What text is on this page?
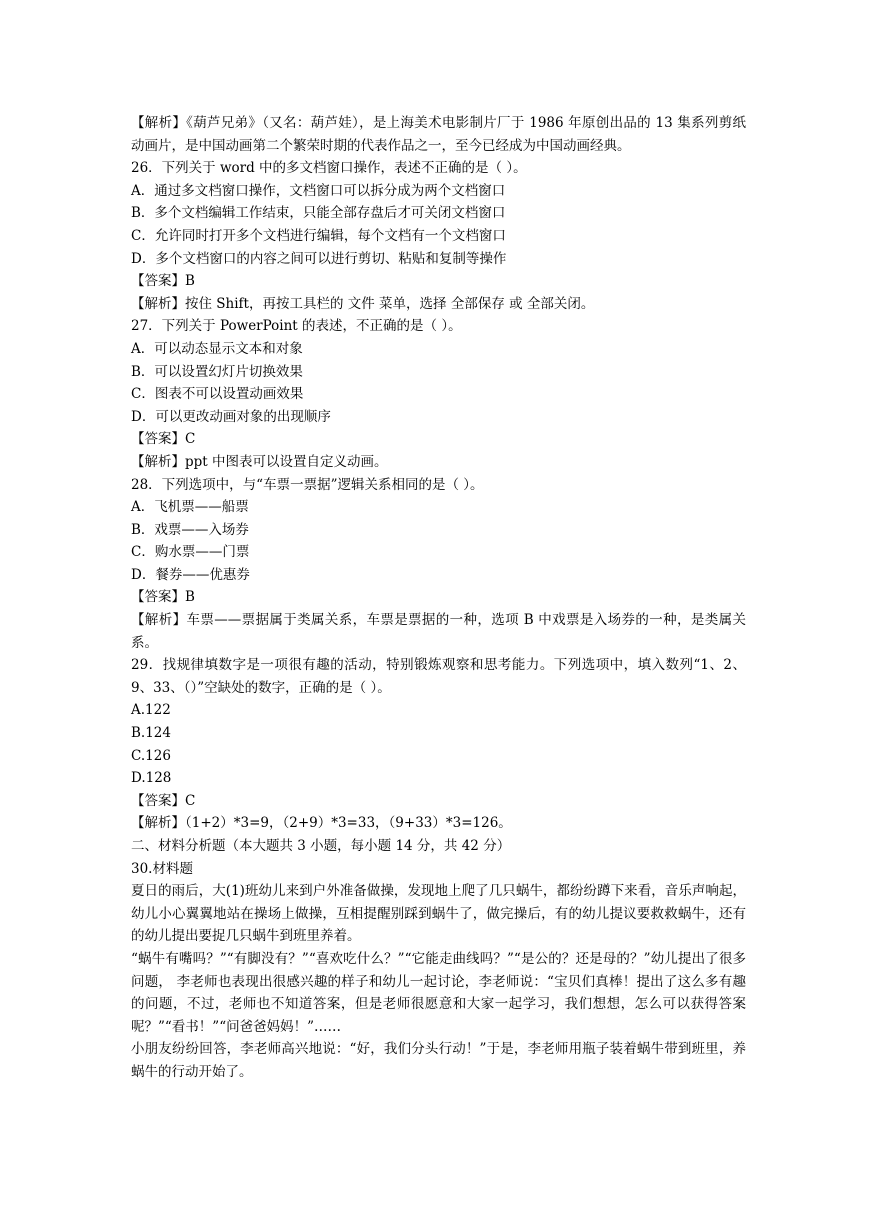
【解析】《葫芦兄弟》（又名：葫芦娃），是上海美术电影制片厂于 1986 年原创出品的 13 集系列剪纸动画片，是中国动画第二个繁荣时期的代表作品之一，至今已经成为中国动画经典。
26．下列关于 word 中的多文档窗口操作，表述不正确的是（ ）。
A．通过多文档窗口操作，文档窗口可以拆分成为两个文档窗口
B．多个文档编辑工作结束，只能全部存盘后才可关闭文档窗口
C．允许同时打开多个文档进行编辑，每个文档有一个文档窗口
D．多个文档窗口的内容之间可以进行剪切、粘贴和复制等操作
【答案】B
【解析】按住 Shift，再按工具栏的 文件 菜单，选择 全部保存 或 全部关闭。
27．下列关于 PowerPoint 的表述，不正确的是（ ）。
A．可以动态显示文本和对象
B．可以设置幻灯片切换效果
C．图表不可以设置动画效果
D．可以更改动画对象的出现顺序
【答案】C
【解析】ppt 中图表可以设置自定义动画。
28．下列选项中，与“车票一票据”逻辑关系相同的是（ ）。
A．飞机票——船票
B．戏票——入场券
C．购水票——门票
D．餐券——优惠券
【答案】B
【解析】车票——票据属于类属关系，车票是票据的一种，选项 B 中戏票是入场券的一种，是类属关系。
29．找规律填数字是一项很有趣的活动，特别锻炼观察和思考能力。下列选项中，填入数列“1、2、9、33、（）”空缺处的数字，正确的是（ ）。
A.122
B.124
C.126
D.128
【答案】C
【解析】（1+2）*3=9，（2+9）*3=33，（9+33）*3=126。
二、材料分析题（本大题共 3 小题，每小题 14 分，共 42 分）
30.材料题
夏日的雨后，大(1)班幼儿来到户外准备做操，发现地上爬了几只蜗牛，都纷纷蹲下来看，音乐声响起，幼儿小心翼翼地站在操场上做操，互相提醒别踩到蜗牛了，做完操后，有的幼儿提议要救救蜗牛，还有的幼儿提出要捉几只蜗牛到班里养着。
“蜗牛有嘴吗？”“有脚没有？”“喜欢吃什么？”“它能走曲线吗？”“是公的？还是母的？”幼儿提出了很多问题， 李老师也表现出很感兴趣的样子和幼儿一起讨论，李老师说：“宝贝们真棒！提出了这么多有趣的问题，不过，老师也不知道答案，但是老师很愿意和大家一起学习，我们想想，怎么可以获得答案呢？”“看书！”“问爸爸妈妈！”……
小朋友纷纷回答，李老师高兴地说：“好，我们分头行动！”于是，李老师用瓶子装着蜗牛带到班里，养蜗牛的行动开始了。
